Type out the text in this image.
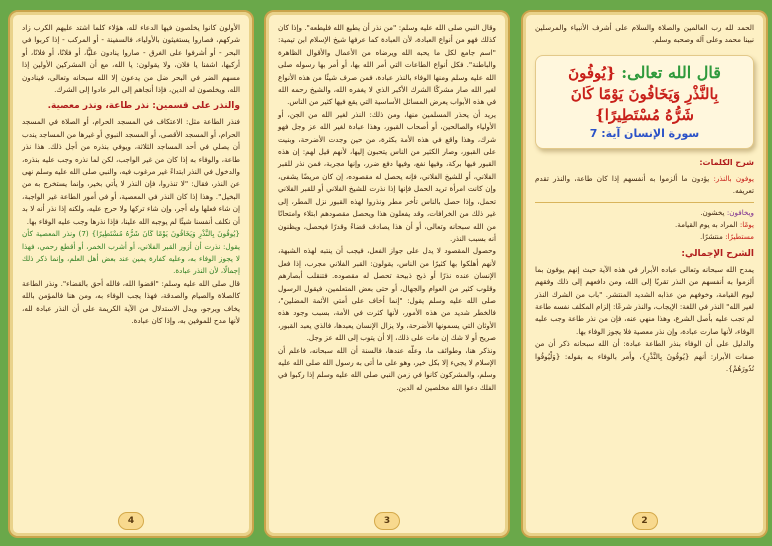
الأولون كانوا يخلصون فيها الدعاء لله، هؤلاء كلما اشتد عليهم الكرب زاد شركهم، فصاروا يستغيثون بالأولياء، فالسفينة - أو المركب - إذا كربوا في البحر - أو أشرفوا على الغرق - صاروا ينادون عليًّا، أو فلانًا، أو فلانًا، أو أركبها، اشفنا يا فلان، ولا يقولون: يا الله، مع أن المشركين الأولين إذا مسهم الضر في البحر ضل من يدعون إلا الله سبحانه وتعالى، فينادون الله، ويخلصون له الدين، فإذا أنجاهم إلى البر عادوا إلى الشرك.

والنذر على قسمين: نذر طاعة، ونذر معصية.

فنذر الطاعة مثل: الاعتكاف في المسجد الحرام، أو الصلاة في المسجد الحرام، أو المسجد الأقصى، أو المسجد النبوي أو غيرها من المساجد يندب أن يصلي في أحد المساجد الثلاثة، ويوفي بنذره من أجل ذلك. هذا نذر طاعة، والوفاء به إذا كان من غير الواجب، لكن لما نذره وجب عليه بنذره، والدخول في النذر ابتداءً غير مرغوب فيه، والنبي صلى الله عليه وسلم نهى عن النذر، فقال: "لا تنذروا، فإن النذر لا يأتي بخير، وإنما يستخرج به من البخيل". وهذا إذا كان النذر في المعصية، أو في أمور الطاعة غير الواجبة، إن شاء فعلها وله أجر، وإن شاء تركها ولا حرج عليه، ولكنه إذا نذر أنه لا بد أن نكلف أنفسنا شيئًا لم يوجبه الله علينا، فإذا نذرها وجب عليه الوفاء بها.

{يُوفُونَ بِالنَّذْرِ وَيَخَافُونَ يَوْمًا كَانَ شَرُّهُ مُسْتَطِيرًا} (7) ونذر المعصية كأن يقول: نذرت أن أزور القبر الفلاني، أو أشرب الخمر، أو أقطع رحمي، فهذا لا يجوز الوفاء به، وعليه كفارة يمين عند بعض أهل العلم، وإنما ذكر ذلك إجمالًا، لأن النذر عبادة.

قال صلى الله عليه وسلم: "اقضوا الله، فالله أحق بالقضاء". ونذر الطاعة كالصلاة والصيام والصدقة، فهذا يجب الوفاء به، ومن هنا فالمؤمن بالله يخاف ويرجو، ويدل الاستدلال من الآية الكريمة على أن النذر عبادة لله، لأنها مدح للموفين به، وإذا كان عبادة.

4

وقال النبي صلى الله عليه وسلم: "من نذر أن يطيع الله فليطعه". وإذا كان كذلك فهو من أنواع العبادة، لأن العبادة كما عرفها شيخ الإسلام ابن تيمية: "اسم جامع لكل ما يحبه الله ويرضاه من الأعمال والأقوال الظاهرة والباطنة". فكل أنواع الطاعات التي أمر الله بها، أو أمر بها رسوله صلى الله عليه وسلم ومنها الوفاء بالنذر عبادة، فمن صرف شيئًا من هذه الأنواع لغير الله صار مشركًا الشرك الأكبر الذي لا يغفره الله، والشيخ رحمه الله في هذه الأبواب يعرض المسائل الأساسية التي يقع فيها كثير من الناس.

يريد أن يحذر المسلمين منها، ومن ذلك: النذر لغير الله من الجن، أو الأولياء والصالحين، أو أصحاب القبور، وهذا عبادة لغير الله عز وجل فهو شرك، وهذا واقع في هذه الأمة بكثرة، من حين وجدت الأضرحة، وبنيت على القبور، وصار الكثير من الناس يتحبون إليها، لأنهم قيل لهم: إن هذه القبور فيها بركة، وفيها نفع، وفيها دفع ضرر، وإنها مجربة، فمن نذر للقبر الفلاني، أو للشيخ الفلاني، فإنه يحصل له مقصوده، إن كان مريضًا يشفى، وإن كانت امرأة تريد الحمل فإنها إذا نذرت للشيخ الفلاني أو للقبر الفلاني تحمل، وإذا حصل بالناس تأخر مطر ونذروا لهذه القبور نزل المطر، إلى غير ذلك من الخرافات، وقد يفعلون هذا ويحصل مقصودهم ابتلاء وامتحانًا من الله سبحانه وتعالى، أو أن هذا يصادف قضاءً وقدرًا فيحصل، ويظنون أنه بسبب النذر.

وحصول المقصود لا يدل على جواز الفعل، فيجب أن ينتبه لهذه الشبهة، لأنهم أهلكوا بها كثيرًا من الناس، يقولون: القبر الفلاني مجرب، إذا فعل الإنسان عنده نذرًا أو ذبح ذبيحة تحصل له مقصوده. فتنقلب أبصارهم وقلوب كثير من العوام والجهال، أو حتى بعض المتعلمين، فيقول الرسول صلى الله عليه وسلم يقول: "إنما أخاف على أمتي الأئمة المضلين"، فالخطر شديد من هذه الأمور، لأنها كثرت في الأمة، بسبب وجود هذه الأوثان التي يسمونها الأضرحة، ولا يزال الإنسان يعبدها، فالذي يعبد القبور، صريح أو لا شك إن مات على ذلك، إلا أن يتوب إلى الله عز وجل.

ونذكر هنا، وطوائف ما، وعلّه عندها، فالسنة أن الله سبحانه، فاعلم أن الإسلام لا يجيء إلا بكل خير، وهو على ما أتى به رسول الله صلى الله عليه وسلم، والمشركون كانوا في زمن النبي صلى الله عليه وسلم إذا ركبوا في الفلك دعوا الله مخلصين له الدين.

3

الحمد لله رب العالمين والصلاة والسلام على أشرف الأنبياء والمرسلين نبينا محمد وعلى آله وصحبه وسلم.

قال الله تعالى: {يُوفُونَ
بِالنَّذْرِ وَيَخَافُونَ يَوْمًا كَانَ
شَرُّهُ مُسْتَطِيرًا}
سورة الإنسان آية: 7
شرح الكلمات:
يوفون بالنذر: يؤدون ما ألزموا به أنفسهم إذا كان طاعة، والنذر تقدم تعريفه.
ويخافون: يخشون.
يومًا: المراد به يوم القيامة.
مستطيرًا: منتشرًا.
الشرح الإجمالي:

يمدح الله سبحانه وتعالى عباده الأبرار في هذه الآية حيث إنهم يوفون بما ألزموا به أنفسهم من النذر تقربًا إلى الله، ومن دافعهم إلى ذلك وفقهم ليوم القيامة، وخوفهم من عذابه الشديد المنتشر. "باب من الشرك النذر لغير الله" النذر في اللغة: الإيجاب، والنذر شرعًا: إلزام المكلف نفسه طاعة لم تجب عليه بأصل الشرع، وهذا منهي عنه، فإن من نذر طاعة وجب عليه الوفاء، لأنها صارت عبادة، وإن نذر معصية فلا يجوز الوفاء بها.

والدليل على أن الوفاء بنذر الطاعة عبادة: أن الله سبحانه ذكر أن من صفات الأبرار: أنهم {يُوفُونَ بِالنَّذْرِ}، وأمر بالوفاء به بقوله: {وَلْيُوفُوا نُذُورَهُمْ}.

2
